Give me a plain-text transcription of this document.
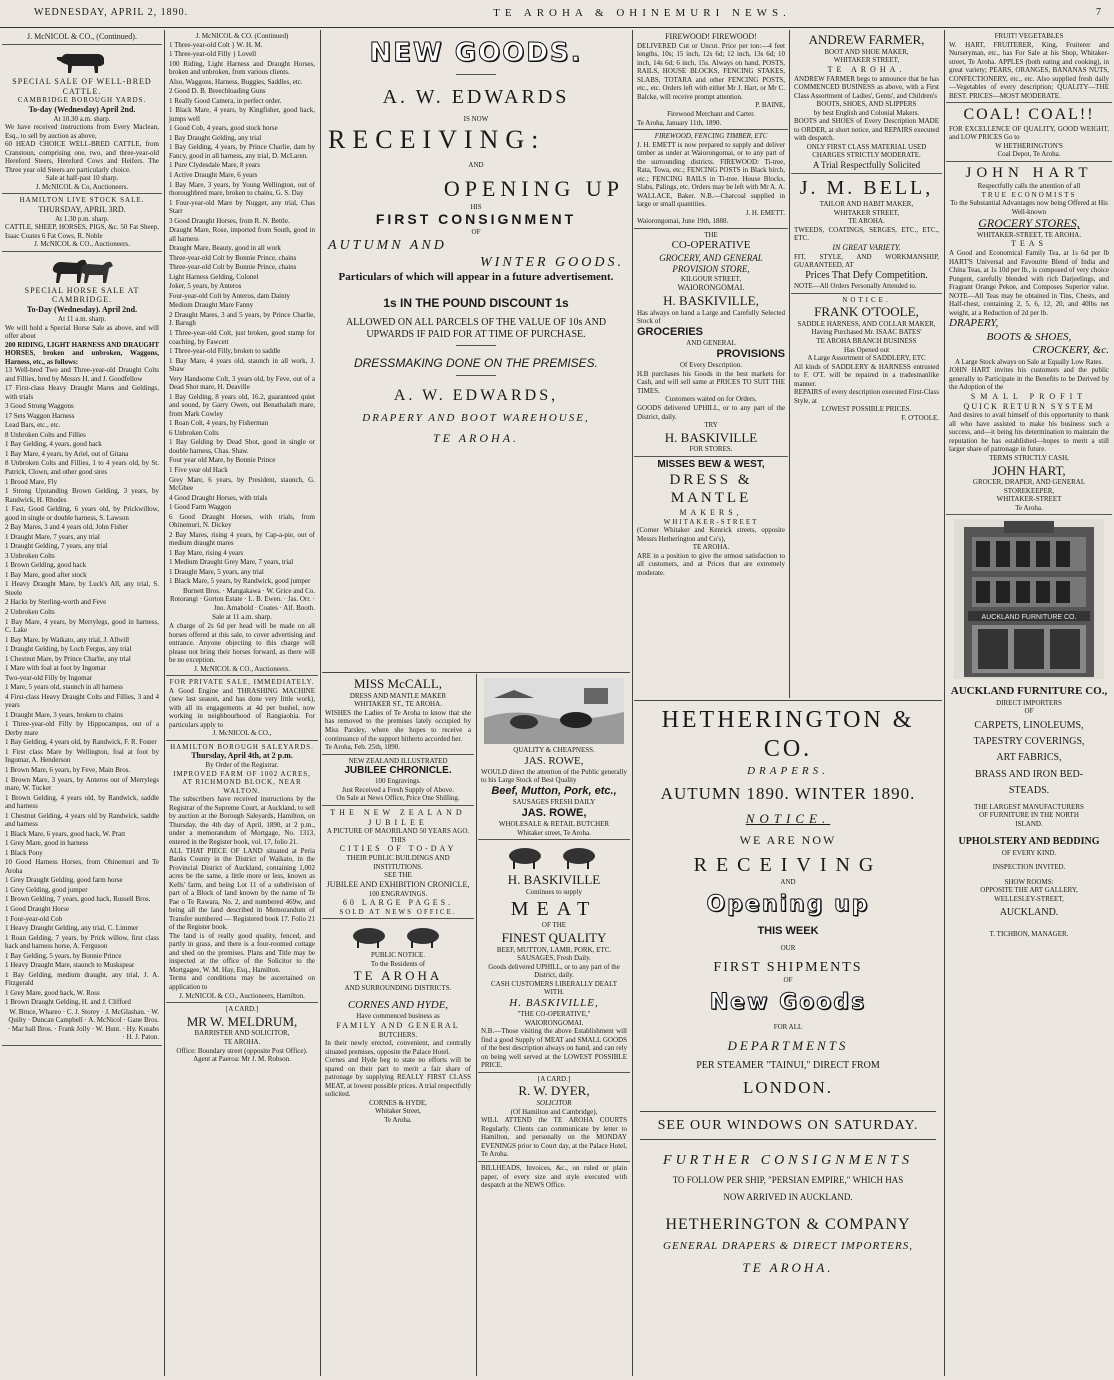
WEDNESDAY, APRIL 2, 1890.	TE AROHA & OHINEMURI NEWS.	7

J. McNICOL & CO., (Continued).

SPECIAL SALE OF WELL-BRED CATTLE.

CAMBRIDGE BOROUGH YARDS.

To-day (Wednesday) April 2nd.

At 10.30 a.m. sharp.

We have received instructions from Every Maclean, Esq., to sell by auction as above,

60 HEAD CHOICE WELL-BRED CATTLE, from Cranstoun, comprising one, two, and three-year-old Hereford Steers, Hereford Cows and Heifers. The Three year old Steers are particularly choice.

Sale at half-past 10 sharp.

J. McNICOL & Co, Auctioneers.

HAMILTON LIVE STOCK SALE.

THURSDAY, APRIL 3RD.

At 1.30 p.m. sharp.

CATTLE, SHEEP, HORSES, PIGS, &c. 50 Fat Sheep, Isaac Coates 6 Fat Cows, R. Noble

J. McNICOL & CO., Auctioneers.

SPECIAL HORSE SALE AT CAMBRIDGE.

To-Day (Wednesday). April 2nd.

At 11 a.m. sharp.

We will hold a Special Horse Sale as above, and will offer about

200 RIDING, LIGHT HARNESS AND DRAUGHT HORSES, broken and unbroken, Waggons, Harness, etc., as follows:

13 Well-bred Two and Three-year-old Draught Colts and Fillies, bred by Messrs H. and J. Goodfellow

17 First-class Heavy Draught Mares and Geldings, with trials

3 Good Strong Waggons

17 Sets Waggon Harness

Lead Bars, etc., etc.

8 Unbroken Colts and Fillies

1 Bay Gelding, 4 years, good hack

1 Bay Mare, 4 years, by Ariel, out of Gitana

8 Unbroken Colts and Fillies, 1 to 4 years old, by St. Patrick, Clown, and other good sires

1 Brood Mare, Fly

1 Strong Upstanding Brown Gelding, 3 years, by Randwick, H. Rhodes

1 Fast, Good Gelding, 6 years old, by Prickwillow, good in single or double harness, S. Lawson

2 Bay Mares, 3 and 4 years old, John Fisher

1 Draught Mare, 7 years, any trial

1 Draught Gelding, 7 years, any trial

3 Unbroken Colts

1 Brown Gelding, good hack

1 Bay Mare, good after stock

1 Heavy Draught Mare, by Luck's All, any trial, S. Steele

2 Hacks by Sterling-worth and Feve

2 Unbroken Colts

1 Bay Mare, 4 years, by Merrylegs, good in harness, C. Lake

1 Bay Mare, by Waikato, any trial, J. Allwill

1 Draught Gelding, by Loch Fergus, any trial

1 Chestnut Mare, by Prince Charlie, any trial

1 Mare with foal at foot by Ingomar

Two-year-old Filly by Ingomar

1 Mare, 5 years old, staunch in all harness

4 First-class Heavy Draught Colts and Fillies, 3 and 4 years

1 Draught Mare, 3 years, broken to chains

1 Three-year-old Filly by Hippocampus, out of a Derby mare

1 Bay Gelding, 4 years old, by Randwick, F. R. Foster

1 First class Mare by Wellington, foal at foot by Ingomar, A. Henderson

1 Brown Mare, 6 years, by Feve, Main Bros.

1 Brown Mare, 3 years, by Anteros out of Merrylegs mare, W. Tucker

1 Brown Gelding, 4 years old, by Randwick, saddle and harness

1 Chestnut Gelding, 4 years old by Randwick, saddle and harness

1 Black Mare, 6 years, good hack, W. Pratt

1 Grey Mare, good in harness

1 Black Pony

10 Good Harness Horses, from Ohinemuri and Te Aroha

1 Grey Draught Gelding, good farm horse

1 Grey Gelding, good jumper

1 Brown Gelding, 7 years, good hack, Russell Bros.

1 Good Draught Horse

1 Four-year-old Cob

1 Heavy Draught Gelding, any trial, C. Limmer

1 Roan Gelding, 7 years, by Prick willow, first class hack and harness horse, A. Ferguson

1 Bay Gelding, 5 years, by Bonnie Prince

1 Heavy Draught Mare, staunch to Muskspear

1 Bay Gelding, medium draught, any trial, J. A. Fitzgerald

1 Grey Mare, good hack, W. Ross

1 Brown Draught Gelding, H. and J. Clifford

W. Bruce, Whareo · C. J. Storey · J. McGlashan. · W. Quilty · Duncan Campbell · A. McNicol · Gane Bros. · Mar hall Bros. · Frank Jolly · W. Hunt. · Hy. Kusabs · H. J. Paton.

J. McNICOL & CO. (Continued)

1 Three-year-old Colt } W. H. M.

1 Three-year-old Filly } Lovell

100 Riding, Light Harness and Draught Horses, broken and unbroken, from various clients.

Also, Waggons, Harness, Buggies, Saddles, etc.

2 Good D. B. Breechloading Guns

1 Really Good Camera, in perfect order.

1 Black Mare, 4 years, by Kingfisher, good hack, jumps well

1 Good Cob, 4 years, good stock horse

1 Bay Draught Gelding, any trial

1 Bay Gelding, 4 years, by Prince Charlie, dam by Fancy, good in all harness, any trial, D. McLaren.

1 Pure Clydesdale Mare, 8 years

1 Active Draught Mare, 6 years

1 Bay Mare, 3 years, by Young Wellington, out of thoroughbred mare, broken to chains, G. S. Day

1 Four-year-old Mare by Nugget, any trial, Chas Starr

3 Good Draught Horses, from R. N. Bettle.

Draught Mare, Rose, imported from South, good in all harness

Draught Mare, Beauty, good in all work

Three-year-old Colt by Bonnie Prince, chains

Three-year-old Colt by Bonnie Prince, chains

Light Harness Gelding, Colonel

Joker, 5 years, by Anteros

Four-year-old Colt by Anteros, dam Dainty

Medium Draught Mare Fanny

2 Draught Mares, 3 and 5 years, by Prince Charlie, J. Barugh

1 Three-year-old Colt, just broken, good stamp for coaching, by Fawcett

1 Three-year-old Filly, broken to saddle

1 Bay Mare, 4 years old, staunch in all work, J. Shaw

Very Handsome Colt, 3 years old, by Feve, out of a Dead Shot mare, H. Deaville

1 Bay Gelding, 8 years old, 16.2, guaranteed quiet and sound, by Garry Owen, out Benathalath mare, from Mark Cowley

1 Roan Colt, 4 years, by Fisherman

6 Unbroken Colts

1 Bay Gelding by Dead Shot, good in single or double harness, Chas. Shaw.

Four year old Mare, by Bonnie Prince

1 Five year old Hack

Grey Mare, 6 years, by President, staunch, G. McGhee

4 Good Draught Horses, with trials

1 Good Farm Waggon

6 Good Draught Horses, with trials, from Ohinemuri, N. Dickey

2 Bay Mares, rising 4 years, by Cap-a-pie, out of medium draught mares

1 Bay Mare, rising 4 years

1 Medium Draught Grey Mare, 7 years, trial

1 Draught Mare, 5 years, any trial

1 Black Mare, 5 years, by Randwick, good jumper

Burnett Bros. · Mangakawa · W. Grice and Co. Rotorangi · Gorton Estate · L. B. Ewen. · Jas. Orr. · Jno. Arnabold · Coates · Alf. Booth.

Sale at 11 a.m. sharp.

A charge of 2s 6d per head will be made on all horses offered at this sale, to cover advertising and entrance. Anyone objecting to this charge will please not bring their horses forward, as there will be no exception.

J. McNICOL & CO., Auctioneers.

FOR PRIVATE SALE, IMMEDIATELY.

A Good Engine and THRASHING MACHINE (new last season, and has done very little work), with all its engagements at 4d per bushel, now working in neighbourhood of Rangiaohia. For particulars apply to

J. McNICOL & CO.,

HAMILTON BOROUGH SALEYARDS.

Thursday, April 4th, at 2 p.m.

By Order of the Registrar.

IMPROVED FARM OF 1002 ACRES, AT RICHMOND BLOCK, NEAR WALTON.

The subscribers have received instructions by the Registrar of the Supreme Court, at Auckland, to sell by auction at the Borough Saleyards, Hamilton, on Thursday, the 4th day of April, 1890, at 2 p.m., under a memorandum of Mortgage, No. 1313, entered in the Register book, vol. 17, folio 21.

ALL THAT PIECE OF LAND situated at Peria Banks County in the District of Waikato, in the Provincial District of Auckland, containing 1,002 acres be the same, a little more or less, known as Kells' farm, and being Lot 11 of a subdivision of part of a Block of land known by the name of Te Pae o Te Rawara, No. 2, and numbered 469w, and being all the land described in Memorandum of Transfer numbered — Registered book 17. Folio 21 of the Register book.

The land is of really good quality, fenced, and partly in grass, and there is a four-roomed cottage and shed on the premises. Plans and Title may be inspected at the office of the Solicitor to the Mortgagee, W. M. Hay, Esq., Hamilton.

Terms and conditions may be ascertained on application to

J. McNICOL & CO., Auctioneers, Hamilton.

[A CARD.]

MR W. MELDRUM,

BARRISTER AND SOLICITOR,

TE AROHA.

Office: Boundary street (opposite Post Office).

Agent at Paeroa: Mr J. M. Robson.

NEW GOODS.

A. W. EDWARDS

IS NOW

RECEIVING:

AND

OPENING UP

HIS

FIRST CONSIGNMENT

OF

AUTUMN AND

WINTER GOODS.

Particulars of which will appear in a future advertisement.

1s IN THE POUND DISCOUNT 1s

ALLOWED ON ALL PARCELS OF THE VALUE OF 10s AND UPWARDS IF PAID FOR AT TIME OF PURCHASE.

DRESSMAKING DONE ON THE PREMISES.

A. W. EDWARDS,

DRAPERY AND BOOT WAREHOUSE,

TE AROHA.

MISS McCALL,

DRESS AND MANTLE MAKER

WHITAKER ST., TE AROHA.

WISHES the Ladies of Te Aroha to know that she has removed to the premises lately occupied by Miss Parsley, where she hopes to receive a continuance of the support hitherto accorded her.

Te Aroha, Feb. 25th, 1890.

NEW ZEALAND ILLUSTRATED

JUBILEE CHRONICLE.

100 Engravings.

Just Received a Fresh Supply of Above.

On Sale at News Office, Price One Shilling.

THE NEW ZEALAND JUBILEE

A PICTURE OF MAORILAND 50 YEARS AGO.

THIS

CITIES OF TO-DAY

THEIR PUBLIC BUILDINGS AND INSTITUTIONS.

SEE THE

JUBILEE AND EXHIBITION CRONICLE,

100 ENGRAVINGS.

60 LARGE PAGES.

SOLD AT NEWS OFFICE.

PUBLIC NOTICE.

To the Residents of

TE AROHA

AND SURROUNDING DISTRICTS.

CORNES AND HYDE,

Have commenced business as

FAMILY AND GENERAL

BUTCHERS.

In their newly erected, convenient, and centrally situated premises, opposite the Palace Hotel.

Cornes and Hyde beg to state no efforts will be spared on their part to merit a fair share of patronage by supplying REALLY FIRST CLASS MEAT, at lowest possible prices. A trial respectfully solicited.

CORNES & HYDE,

Whitaker Street,

Te Aroha.

QUALITY & CHEAPNESS.

JAS. ROWE,

WOULD direct the attention of the Public generally to his Large Stock of Best Quality

Beef, Mutton, Pork, etc.,

SAUSAGES FRESH DAILY

JAS. ROWE,

WHOLESALE & RETAIL BUTCHER

Whitaker street, Te Aroha.

H. BASKIVILLE

Continues to supply

MEAT

OF THE

FINEST QUALITY

BEEF, MUTTON, LAMB, PORK, ETC. SAUSAGES, Fresh Daily.

Goods delivered UPHILL, or to any part of the District, daily.

CASH CUSTOMERS LIBERALLY DEALT WITH.

H. BASKIVILLE,

"THE CO-OPERATIVE,"

WAIORONGOMAI.

N.B.—Those visiting the above Establishment will find a good Supply of MEAT and SMALL GOODS of the best description always on hand, and can rely on being well served at the LOWEST POSSIBLE PRICE.

[A CARD.]

R. W. DYER,

SOLICITOR

(Of Hamilton and Cambridge),

WILL ATTEND the TE AROHA COURTS Regularly. Clients can communicate by letter to Hamilton, and personally on the MONDAY EVENINGS prior to Court day, at the Palace Hotel, Te Aroha.

BILLHEADS, Invoices, &c., on ruled or plain paper, of every size and style executed with despatch at the NEWS Office.

FIREWOOD! FIREWOOD!

DELIVERED Cut or Uncut. Price per ton:—4 feet lengths, 10s; 15 inch, 12s 6d; 12 inch, 13s 6d; 10 inch, 14s 6d; 6 inch, 15s. Always on hand, POSTS, RAILS, HOUSE BLOCKS, FENCING STAKES, SLABS, TOTARA and other FENCING POSTS, etc., etc. Orders left with either Mr J. Hart, or Mr C. Balcke, will receive prompt attention.

P. BAINE,

Firewood Merchant and Carter.

Te Aroha, January 11th, 1890.

FIREWOOD, FENCING TIMBER, ETC

J. H. EMETT is now prepared to supply and deliver timber as under at Waiorongomai, or to any part of the surrounding districts. FIREWOOD: Ti-tree, Rata, Towa, etc.; FENCING POSTS in Black birch, etc.; FENCING RAILS in Ti-tree. House Blocks, Slabs, Palings, etc. Orders may be left with Mr A. A. WALLACE, Baker. N.B.—Charcoal supplied in large or small quantities.

J. H. EMETT.

Waiorongomai, June 19th, 1888.

THE

CO-OPERATIVE

GROCERY, AND GENERAL PROVISION STORE,

KILGOUR STREET,

WAIORONGOMAI.

H. BASKIVILLE,

Has always on hand a Large and Carefully Selected Stock of

GROCERIES

AND GENERAL

PROVISIONS

Of Every Description.

H.B purchases his Goods in the best markets for Cash, and will sell same at PRICES TO SUIT THE TIMES.

Customers waited on for Orders.

GOODS delivered UPHILL, or to any part of the District, daily.

TRY

H. BASKIVILLE

FOR STORES.

MISSES BEW & WEST,

DRESS & MANTLE

MAKERS,

WHITAKER-STREET

(Corner Whitaker and Kenrick streets, opposite Messrs Hetherington and Co's),

TE AROHA.

ARE in a position to give the utmost satisfaction to all customers, and at Prices that are extremely moderate.

ANDREW FARMER,

BOOT AND SHOE MAKER,

WHITAKER STREET,

TE AROHA.

ANDREW FARMER begs to announce that he has COMMENCED BUSINESS as above, with a First Class Assortment of Ladies', Gents', and Children's

BOOTS, SHOES, AND SLIPPERS

by best English and Colonial Makers.

BOOTS and SHOES of Every Description MADE to ORDER, at short notice, and REPAIRS executed with despatch.

ONLY FIRST CLASS MATERIAL USED

CHARGES STRICTLY MODERATE.

A Trial Respectfully Solicited

J. M. BELL,

TAILOR AND HABIT MAKER,

WHITAKER STREET,

TE AROHA.

TWEEDS, COATINGS, SERGES, ETC., ETC., ETC.

IN GREAT VARIETY.

FIT, STYLE, AND WORKMANSHIP, GUARANTEED, AT

Prices That Defy Competition.

NOTE—All Orders Personally Attended to.

NOTICE.

FRANK O'TOOLE,

SADDLE HARNESS, AND COLLAR MAKER,

Having Purchased Mr. ISAAC BATES'

TE AROHA BRANCH BUSINESS

Has Opened out

A Large Assortment of SADDLERY, ETC

All kinds of SADDLERY & HARNESS entrusted to F. O'T. will be repaired in a tradesmanlike manner.

REPAIRS of every description executed First-Class Style, at

LOWEST POSSIBLE PRICES.

F. O'TOOLE.

HETHERINGTON & CO.

DRAPERS.

AUTUMN 1890. WINTER 1890.

NOTICE.

WE ARE NOW

RECEIVING

AND

Opening up

THIS WEEK

OUR

FIRST SHIPMENTS

OF

New Goods

FOR ALL

DEPARTMENTS

PER STEAMER "TAINUI," DIRECT FROM

LONDON.

SEE OUR WINDOWS ON SATURDAY.

FURTHER CONSIGNMENTS

TO FOLLOW PER SHIP, "PERSIAN EMPIRE," WHICH HAS

NOW ARRIVED IN AUCKLAND.

HETHERINGTON & COMPANY

GENERAL DRAPERS & DIRECT IMPORTERS,

TE AROHA.

FRUIT! VEGETABLES

W. HART, FRUITERER, King, Fruiterer and Nurseryman, etc., has For Sale at his Shop, Whitaker-street, Te Aroha. APPLES (both eating and cooking), in great variety; PEARS, ORANGES, BANANAS NUTS, CONFECTIONERY, etc., etc. Also supplied fresh daily—Vegetables of every description; QUALITY—THE BEST. PRICES—MOST MODERATE.

COAL! COAL!!

FOR EXCELLENCE OF QUALITY, GOOD WEIGHT, and LOW PRICES Go to

W HETHERINGTON'S

Coal Depot, Te Aroha.

JOHN HART

Respectfully calls the attention of all

TRUE ECONOMISTS

To the Substantial Advantages now being Offered at His Well-known

GROCERY STORES,

WHITAKER-STREET, TE AROHA.

TEAS

A Good and Economical Family Tea, at 1s 6d per lb HART'S Universal and Favourite Blend of India and China Teas, at 1s 10d per lb., is composed of very choice Pungent, carefully blended with rich Darjeelings, and Fragrant Orange Pekoe, and Composes Superior value. NOTE—All Teas may be obtained in Tins, Chests, and Half-chest, containing 2, 5, 6, 12, 20, and 40lbs net weight, at a Reduction of 2d per lb.

DRAPERY,

BOOTS & SHOES,

CROCKERY, &c.

A Large Stock always on Sale at Equally Low Rates.

JOHN HART invites his customers and the public generally to Participate in the Benefits to be Derived by the Adoption of the

SMALL PROFIT

QUICK RETURN SYSTEM

And desires to avail himself of this opportunity to thank all who have assisted to make his business such a success, and—it being his determination to maintain the reputation he has established—hopes to merit a still larger share of patronage in future.

TERMS STRICTLY CASH,

JOHN HART,

GROCER, DRAPER, AND GENERAL STOREKEEPER,

WHITAKER-STREET

Te Aroha.

AUCKLAND FURNITURE CO.

AUCKLAND FURNITURE CO.,

DIRECT IMPORTERS

OF

CARPETS, LINOLEUMS,

TAPESTRY COVERINGS,

ART FABRICS,

BRASS AND IRON BED-

STEADS.

THE LARGEST MANUFACTURERS

OF FURNITURE IN THE NORTH

ISLAND.

UPHOLSTERY AND BEDDING

OF EVERY KIND.

INSPECTION INVITED.

SHOW ROOMS:

OPPOSITE THE ART GALLERY,

WELLESLEY-STREET,

AUCKLAND.

T. TICHBON, MANAGER.
